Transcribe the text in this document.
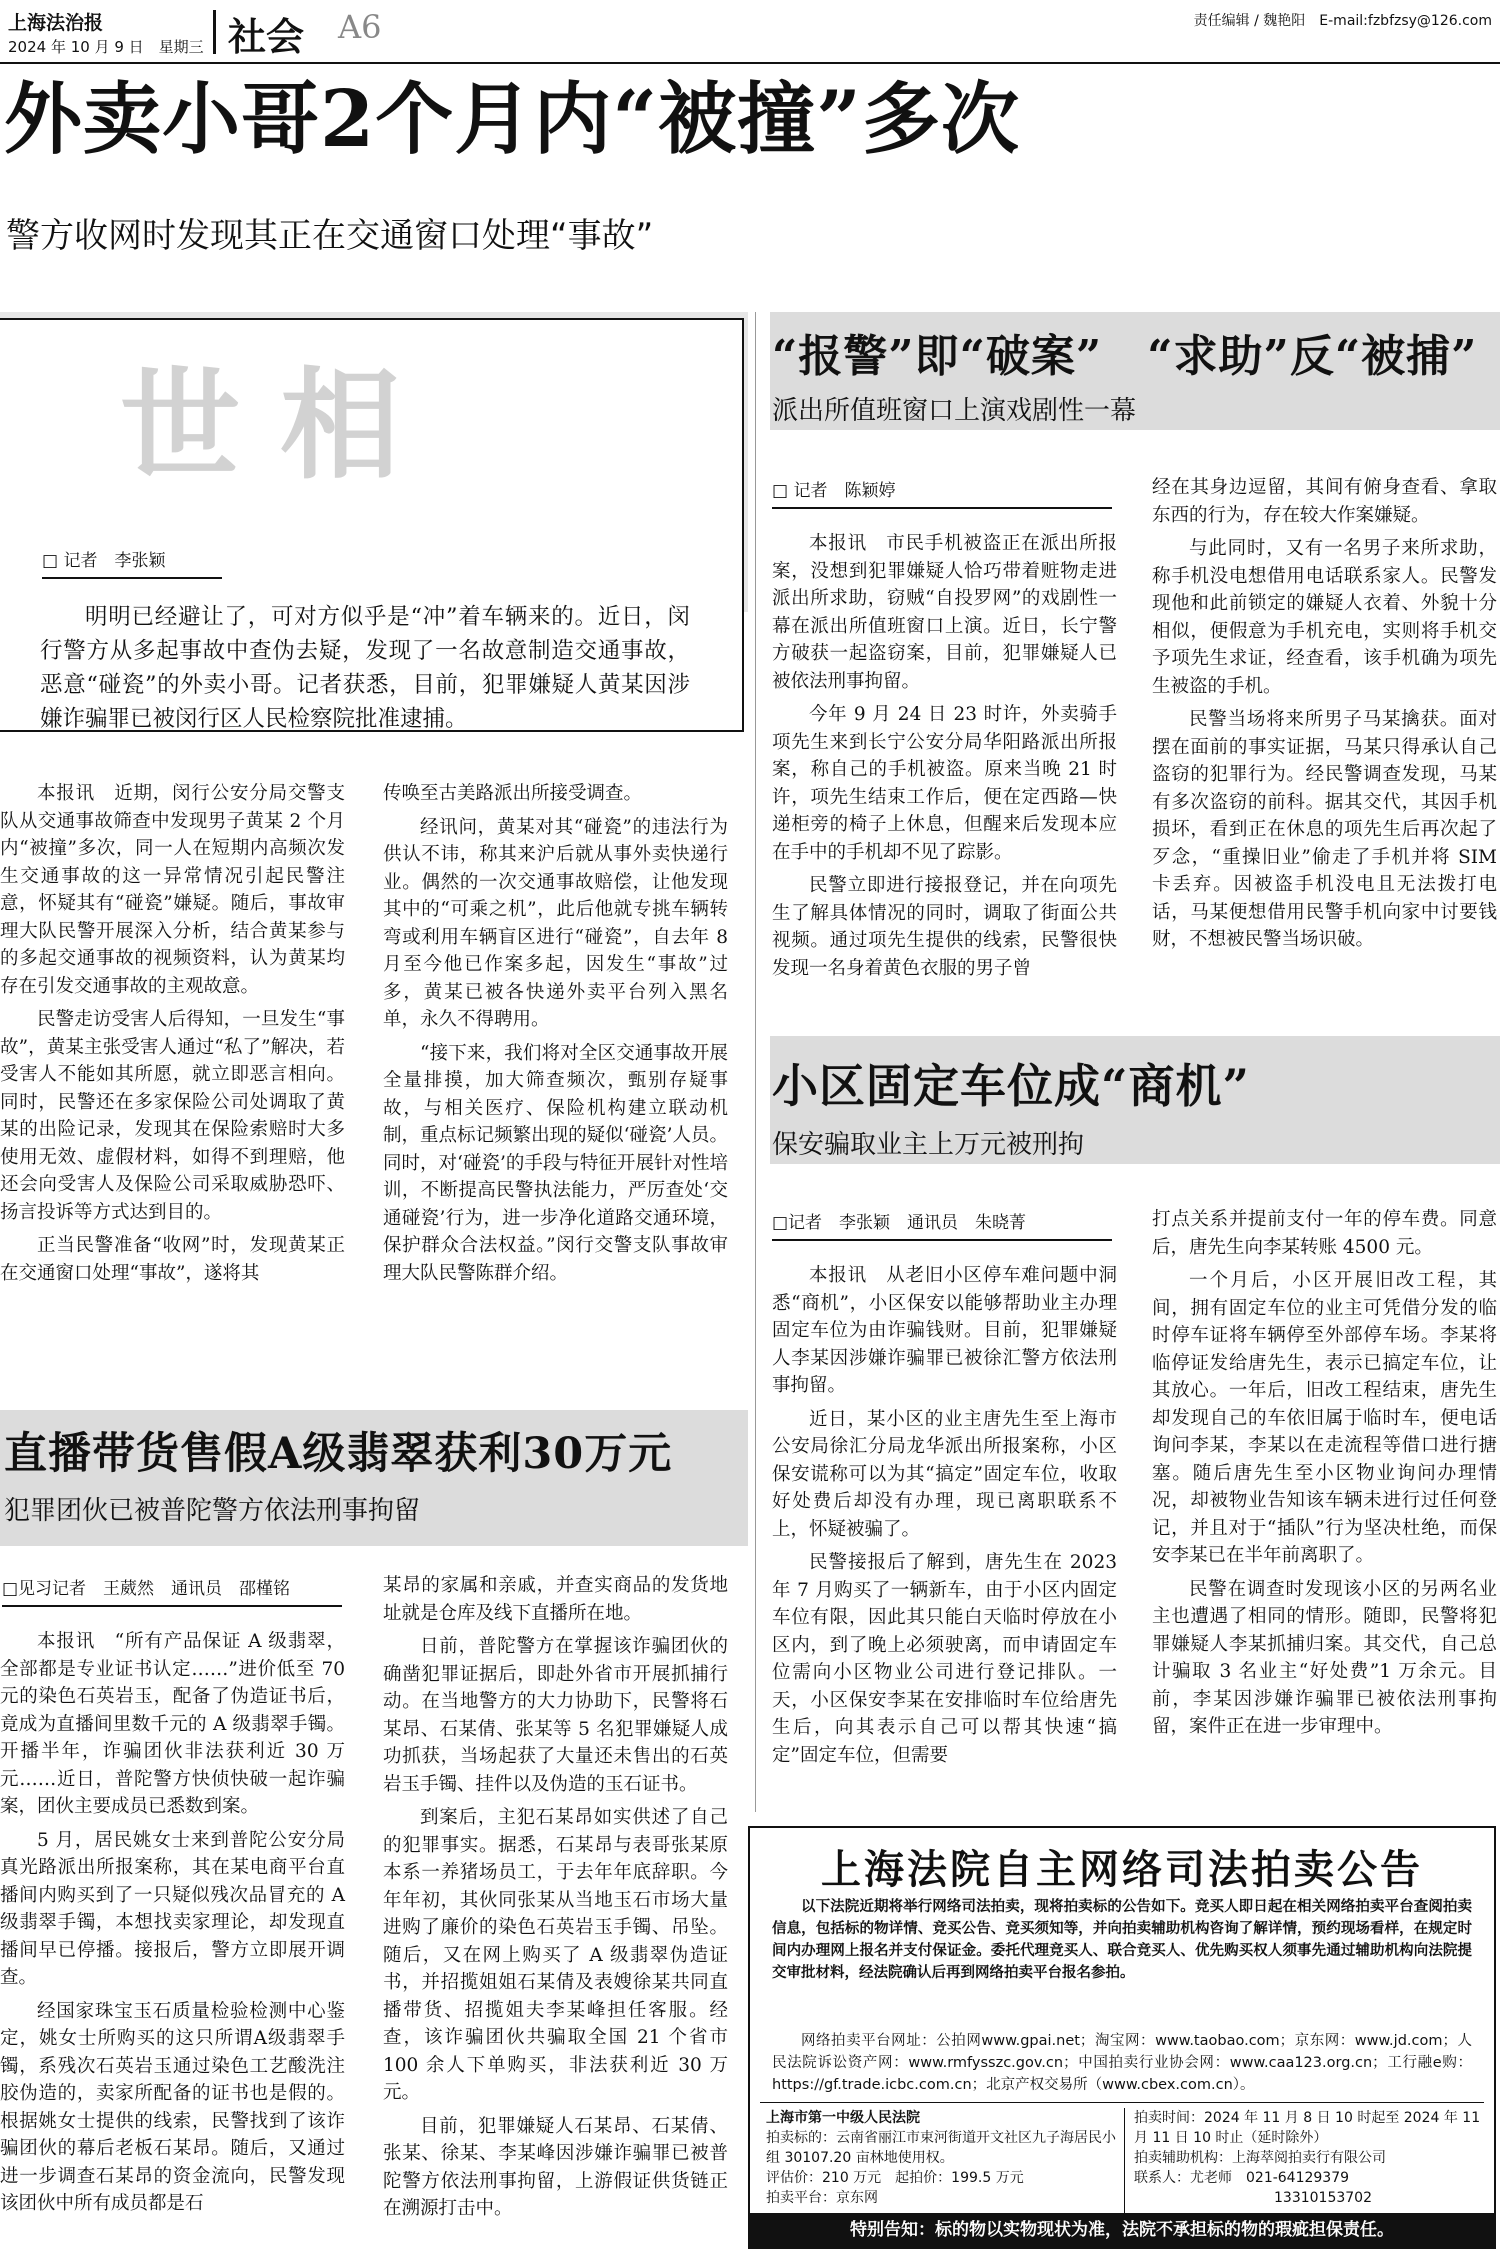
上海法治报
2024 年 10 月 9 日　星期三 社会 A6	责任编辑 / 魏艳阳　E-mail:fzbfzsy@126.com
外卖小哥2个月内“被撞”多次
警方收网时发现其正在交通窗口处理“事故”
世相
□ 记者　李张颖
明明已经避让了，可对方似乎是“冲”着车辆来的。近日，闵行警方从多起事故中查伪去疑，发现了一名故意制造交通事故，恶意“碰瓷”的外卖小哥。记者获悉，目前，犯罪嫌疑人黄某因涉嫌诈骗罪已被闵行区人民检察院批准逮捕。

本报讯　近期，闵行公安分局交警支队从交通事故筛查中发现男子黄某 2 个月内“被撞”多次，同一人在短期内高频次发生交通事故的这一异常情况引起民警注意，怀疑其有“碰瓷”嫌疑。随后，事故审理大队民警开展深入分析，结合黄某参与的多起交通事故的视频资料，认为黄某均存在引发交通事故的主观故意。

民警走访受害人后得知，一旦发生“事故”，黄某主张受害人通过“私了”解决，若受害人不能如其所愿，就立即恶言相向。同时，民警还在多家保险公司处调取了黄某的出险记录，发现其在保险索赔时大多使用无效、虚假材料，如得不到理赔，他还会向受害人及保险公司采取威胁恐吓、扬言投诉等方式达到目的。

正当民警准备“收网”时，发现黄某正在交通窗口处理“事故”，遂将其

传唤至古美路派出所接受调查。

经讯问，黄某对其“碰瓷”的违法行为供认不讳，称其来沪后就从事外卖快递行业。偶然的一次交通事故赔偿，让他发现其中的“可乘之机”，此后他就专挑车辆转弯或利用车辆盲区进行“碰瓷”，自去年 8 月至今他已作案多起，因发生“事故”过多，黄某已被各快递外卖平台列入黑名单，永久不得聘用。

“接下来，我们将对全区交通事故开展全量排摸，加大筛查频次，甄别存疑事故，与相关医疗、保险机构建立联动机制，重点标记频繁出现的疑似‘碰瓷’人员。同时，对‘碰瓷’的手段与特征开展针对性培训，不断提高民警执法能力，严厉查处‘交通碰瓷’行为，进一步净化道路交通环境，保护群众合法权益。”闵行交警支队事故审理大队民警陈群介绍。

“报警”即“破案”　“求助”反“被捕”
派出所值班窗口上演戏剧性一幕
□ 记者　陈颖婷

本报讯　市民手机被盗正在派出所报案，没想到犯罪嫌疑人恰巧带着赃物走进派出所求助，窃贼“自投罗网”的戏剧性一幕在派出所值班窗口上演。近日，长宁警方破获一起盗窃案，目前，犯罪嫌疑人已被依法刑事拘留。

今年 9 月 24 日 23 时许，外卖骑手项先生来到长宁公安分局华阳路派出所报案，称自己的手机被盗。原来当晚 21 时许，项先生结束工作后，便在定西路—快递柜旁的椅子上休息，但醒来后发现本应在手中的手机却不见了踪影。

民警立即进行接报登记，并在向项先生了解具体情况的同时，调取了街面公共视频。通过项先生提供的线索，民警很快发现一名身着黄色衣服的男子曾

经在其身边逗留，其间有俯身查看、拿取东西的行为，存在较大作案嫌疑。

与此同时，又有一名男子来所求助，称手机没电想借用电话联系家人。民警发现他和此前锁定的嫌疑人衣着、外貌十分相似，便假意为手机充电，实则将手机交予项先生求证，经查看，该手机确为项先生被盗的手机。

民警当场将来所男子马某擒获。面对摆在面前的事实证据，马某只得承认自己盗窃的犯罪行为。经民警调查发现，马某有多次盗窃的前科。据其交代，其因手机损坏，看到正在休息的项先生后再次起了歹念，“重操旧业”偷走了手机并将 SIM 卡丢弃。因被盗手机没电且无法拨打电话，马某便想借用民警手机向家中讨要钱财，不想被民警当场识破。

小区固定车位成“商机”
保安骗取业主上万元被刑拘
□记者　李张颖　通讯员　朱晓菁

本报讯　从老旧小区停车难问题中洞悉“商机”，小区保安以能够帮助业主办理固定车位为由诈骗钱财。目前，犯罪嫌疑人李某因涉嫌诈骗罪已被徐汇警方依法刑事拘留。

近日，某小区的业主唐先生至上海市公安局徐汇分局龙华派出所报案称，小区保安谎称可以为其“搞定”固定车位，收取好处费后却没有办理，现已离职联系不上，怀疑被骗了。

民警接报后了解到，唐先生在 2023 年 7 月购买了一辆新车，由于小区内固定车位有限，因此其只能白天临时停放在小区内，到了晚上必须驶离，而申请固定车位需向小区物业公司进行登记排队。一天，小区保安李某在安排临时车位给唐先生后，向其表示自己可以帮其快速“搞定”固定车位，但需要

打点关系并提前支付一年的停车费。同意后，唐先生向李某转账 4500 元。

一个月后，小区开展旧改工程，其间，拥有固定车位的业主可凭借分发的临时停车证将车辆停至外部停车场。李某将临停证发给唐先生，表示已搞定车位，让其放心。一年后，旧改工程结束，唐先生却发现自己的车依旧属于临时车，便电话询问李某，李某以在走流程等借口进行搪塞。随后唐先生至小区物业询问办理情况，却被物业告知该车辆未进行过任何登记，并且对于“插队”行为坚决杜绝，而保安李某已在半年前离职了。

民警在调查时发现该小区的另两名业主也遭遇了相同的情形。随即，民警将犯罪嫌疑人李某抓捕归案。其交代，自己总计骗取 3 名业主“好处费”1 万余元。目前，李某因涉嫌诈骗罪已被依法刑事拘留，案件正在进一步审理中。

直播带货售假A级翡翠获利30万元
犯罪团伙已被普陀警方依法刑事拘留
□见习记者　王葳然　通讯员　邵槿铭

本报讯　“所有产品保证 A 级翡翠，全部都是专业证书认定……”进价低至 70 元的染色石英岩玉，配备了伪造证书后，竟成为直播间里数千元的 A 级翡翠手镯。开播半年，诈骗团伙非法获利近 30 万元……近日，普陀警方快侦快破一起诈骗案，团伙主要成员已悉数到案。

5 月，居民姚女士来到普陀公安分局真光路派出所报案称，其在某电商平台直播间内购买到了一只疑似残次品冒充的 A 级翡翠手镯，本想找卖家理论，却发现直播间早已停播。接报后，警方立即展开调查。

经国家珠宝玉石质量检验检测中心鉴定，姚女士所购买的这只所谓A级翡翠手镯，系残次石英岩玉通过染色工艺酸洗注胶伪造的，卖家所配备的证书也是假的。根据姚女士提供的线索，民警找到了该诈骗团伙的幕后老板石某昂。随后，又通过进一步调查石某昂的资金流向，民警发现该团伙中所有成员都是石

某昂的家属和亲戚，并查实商品的发货地址就是仓库及线下直播所在地。

日前，普陀警方在掌握该诈骗团伙的确凿犯罪证据后，即赴外省市开展抓捕行动。在当地警方的大力协助下，民警将石某昂、石某倩、张某等 5 名犯罪嫌疑人成功抓获，当场起获了大量还未售出的石英岩玉手镯、挂件以及伪造的玉石证书。

到案后，主犯石某昂如实供述了自己的犯罪事实。据悉，石某昂与表哥张某原本系一养猪场员工，于去年年底辞职。今年年初，其伙同张某从当地玉石市场大量进购了廉价的染色石英岩玉手镯、吊坠。随后，又在网上购买了 A 级翡翠伪造证书，并招揽姐姐石某倩及表嫂徐某共同直播带货、招揽姐夫李某峰担任客服。经查，该诈骗团伙共骗取全国 21 个省市 100 余人下单购买，非法获利近 30 万元。

目前，犯罪嫌疑人石某昂、石某倩、张某、徐某、李某峰因涉嫌诈骗罪已被普陀警方依法刑事拘留，上游假证供货链正在溯源打击中。

上海法院自主网络司法拍卖公告
以下法院近期将举行网络司法拍卖，现将拍卖标的公告如下。竞买人即日起在相关网络拍卖平台查阅拍卖信息，包括标的物详情、竞买公告、竞买须知等，并向拍卖辅助机构咨询了解详情，预约现场看样，在规定时间内办理网上报名并支付保证金。委托代理竞买人、联合竞买人、优先购买权人须事先通过辅助机构向法院提交审批材料，经法院确认后再到网络拍卖平台报名参拍。
网络拍卖平台网址：公拍网www.gpai.net；淘宝网：www.taobao.com；京东网：www.jd.com；人民法院诉讼资产网：www.rmfysszc.gov.cn；中国拍卖行业协会网：www.caa123.org.cn；工行融e购：https://gf.trade.icbc.com.cn；北京产权交易所（www.cbex.com.cn）。
上海市第一中级人民法院
拍卖标的：云南省丽江市束河街道开文社区九子海居民小组 30107.20 亩林地使用权。
评估价：210 万元　起拍价：199.5 万元
拍卖平台：京东网
拍卖时间：2024 年 11 月 8 日 10 时起至 2024 年 11 月 11 日 10 时止（延时除外）
拍卖辅助机构：上海萃阅拍卖行有限公司
联系人：尤老师　021-64129379
13310153702
特别告知：标的物以实物现状为准，法院不承担标的物的瑕疵担保责任。
